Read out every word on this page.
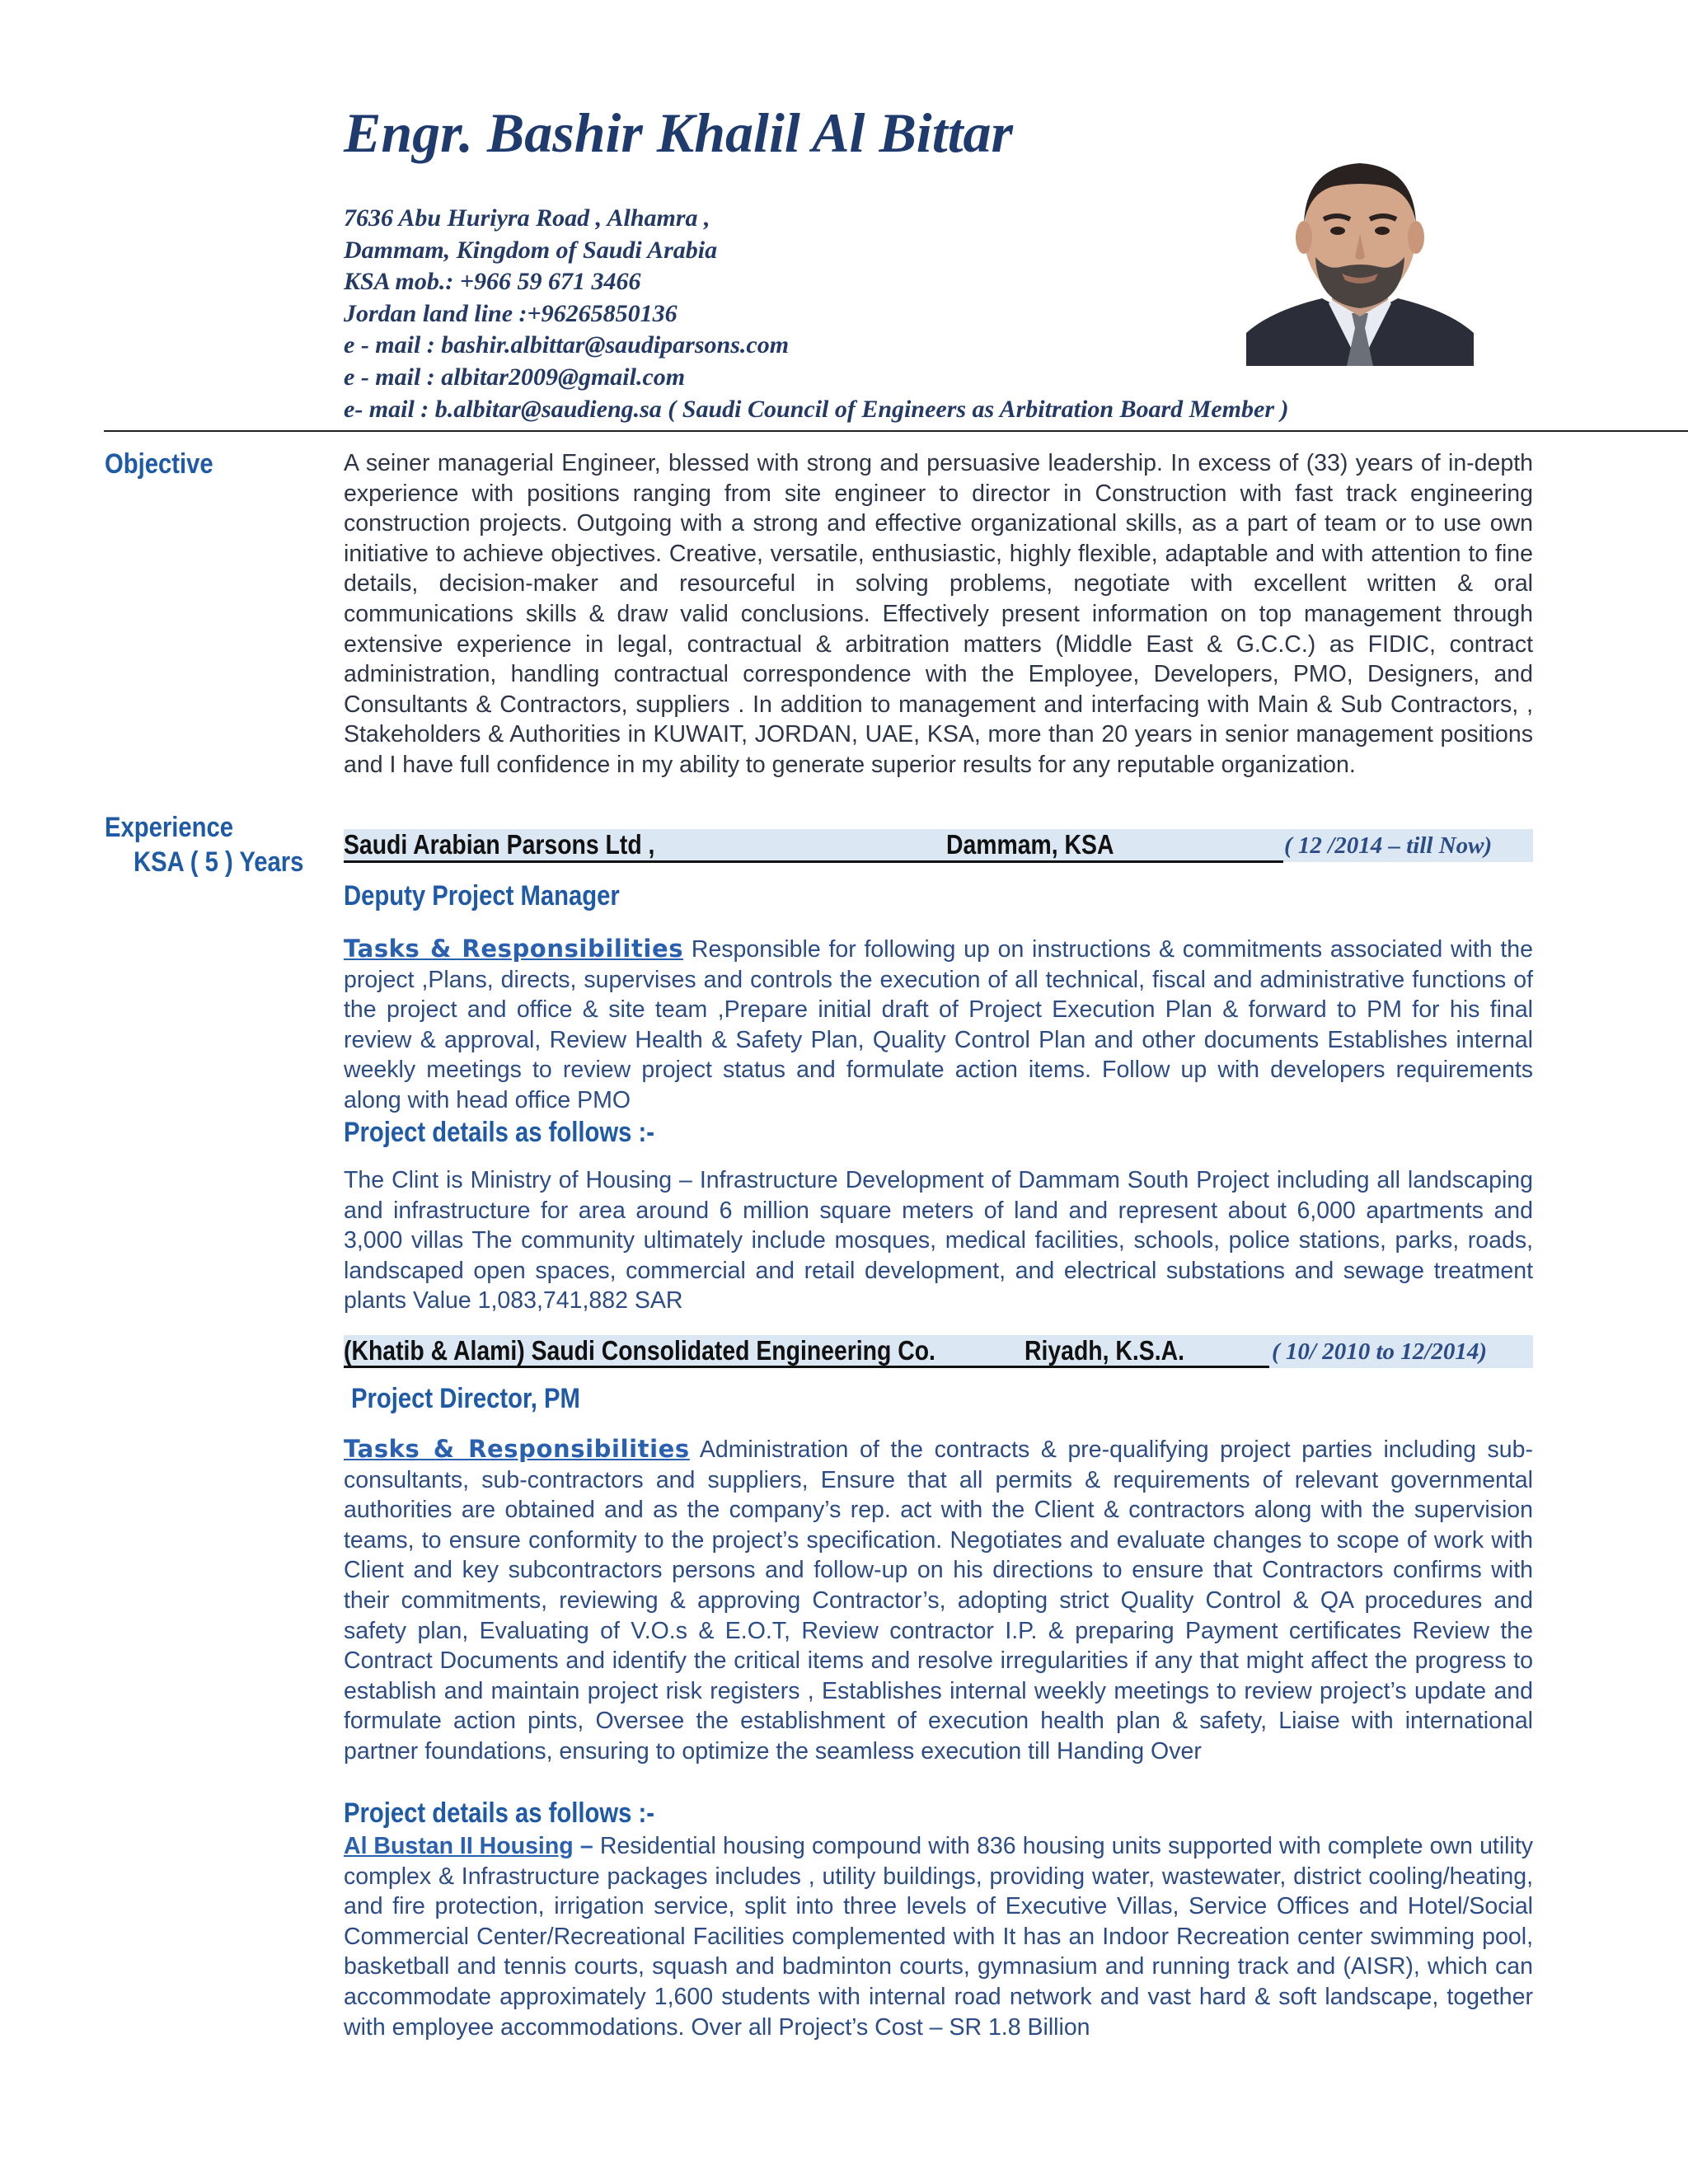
Engr. Bashir Khalil Al Bittar
7636 Abu Huriyra Road , Alhamra ,
Dammam, Kingdom of Saudi Arabia
KSA mob.: +966 59 671 3466
Jordan land line :+96265850136
e - mail : bashir.albittar@saudiparsons.com
e - mail : albitar2009@gmail.com
e- mail : b.albitar@saudieng.sa ( Saudi Council of Engineers as Arbitration Board Member )
Objective	A seiner managerial Engineer, blessed with strong and persuasive leadership. In excess of (33) years of in-depth experience with positions ranging from site engineer to director in Construction with fast track engineering construction projects. Outgoing with a strong and effective organizational skills, as a part of team or to use own initiative to achieve objectives. Creative, versatile, enthusiastic, highly flexible, adaptable and with attention to fine details, decision-maker and resourceful in solving problems, negotiate with excellent written & oral communications skills & draw valid conclusions. Effectively present information on top management through extensive experience in legal, contractual & arbitration matters (Middle East & G.C.C.) as FIDIC, contract administration, handling contractual correspondence with the Employee, Developers, PMO, Designers, and Consultants & Contractors, suppliers . In addition to management and interfacing with Main & Sub Contractors, , Stakeholders & Authorities in KUWAIT, JORDAN, UAE, KSA, more than 20 years in senior management positions and I have full confidence in my ability to generate superior results for any reputable organization.
Experience
KSA ( 5 ) Years
Saudi Arabian Parsons Ltd ,	Dammam, KSA	( 12 /2014 – till Now)
Deputy Project Manager
Tasks & Responsibilities Responsible for following up on instructions & commitments associated with the project ,Plans, directs, supervises and controls the execution of all technical, fiscal and administrative functions of the project and office & site team ,Prepare initial draft of Project Execution Plan & forward to PM for his final review & approval, Review Health & Safety Plan, Quality Control Plan and other documents Establishes internal weekly meetings to review project status and formulate action items. Follow up with developers requirements along with head office PMO
Project details as follows :-
The Clint is Ministry of Housing – Infrastructure Development of Dammam South Project including all landscaping and infrastructure for area around 6 million square meters of land and represent about 6,000 apartments and 3,000 villas The community ultimately include mosques, medical facilities, schools, police stations, parks, roads, landscaped open spaces, commercial and retail development, and electrical substations and sewage treatment plants Value 1,083,741,882 SAR
(Khatib & Alami) Saudi Consolidated Engineering Co.	Riyadh, K.S.A.	( 10/ 2010 to 12/2014)
Project Director, PM
Tasks & Responsibilities Administration of the contracts & pre-qualifying project parties including sub-consultants, sub-contractors and suppliers, Ensure that all permits & requirements of relevant governmental authorities are obtained and as the company’s rep. act with the Client & contractors along with the supervision teams, to ensure conformity to the project’s specification. Negotiates and evaluate changes to scope of work with Client and key subcontractors persons and follow-up on his directions to ensure that Contractors confirms with their commitments, reviewing & approving Contractor’s, adopting strict Quality Control & QA procedures and safety plan, Evaluating of V.O.s & E.O.T, Review contractor I.P. & preparing Payment certificates Review the Contract Documents and identify the critical items and resolve irregularities if any that might affect the progress to establish and maintain project risk registers , Establishes internal weekly meetings to review project’s update and formulate action pints, Oversee the establishment of execution health plan & safety, Liaise with international partner foundations, ensuring to optimize the seamless execution till Handing Over
Project details as follows :-
Al Bustan II Housing – Residential housing compound with 836 housing units supported with complete own utility complex & Infrastructure packages includes , utility buildings, providing water, wastewater, district cooling/heating, and fire protection, irrigation service, split into three levels of Executive Villas, Service Offices and Hotel/Social Commercial Center/Recreational Facilities complemented with It has an Indoor Recreation center swimming pool, basketball and tennis courts, squash and badminton courts, gymnasium and running track and (AISR), which can accommodate approximately 1,600 students with internal road network and vast hard & soft landscape, together with employee accommodations. Over all Project’s Cost – SR 1.8 Billion
